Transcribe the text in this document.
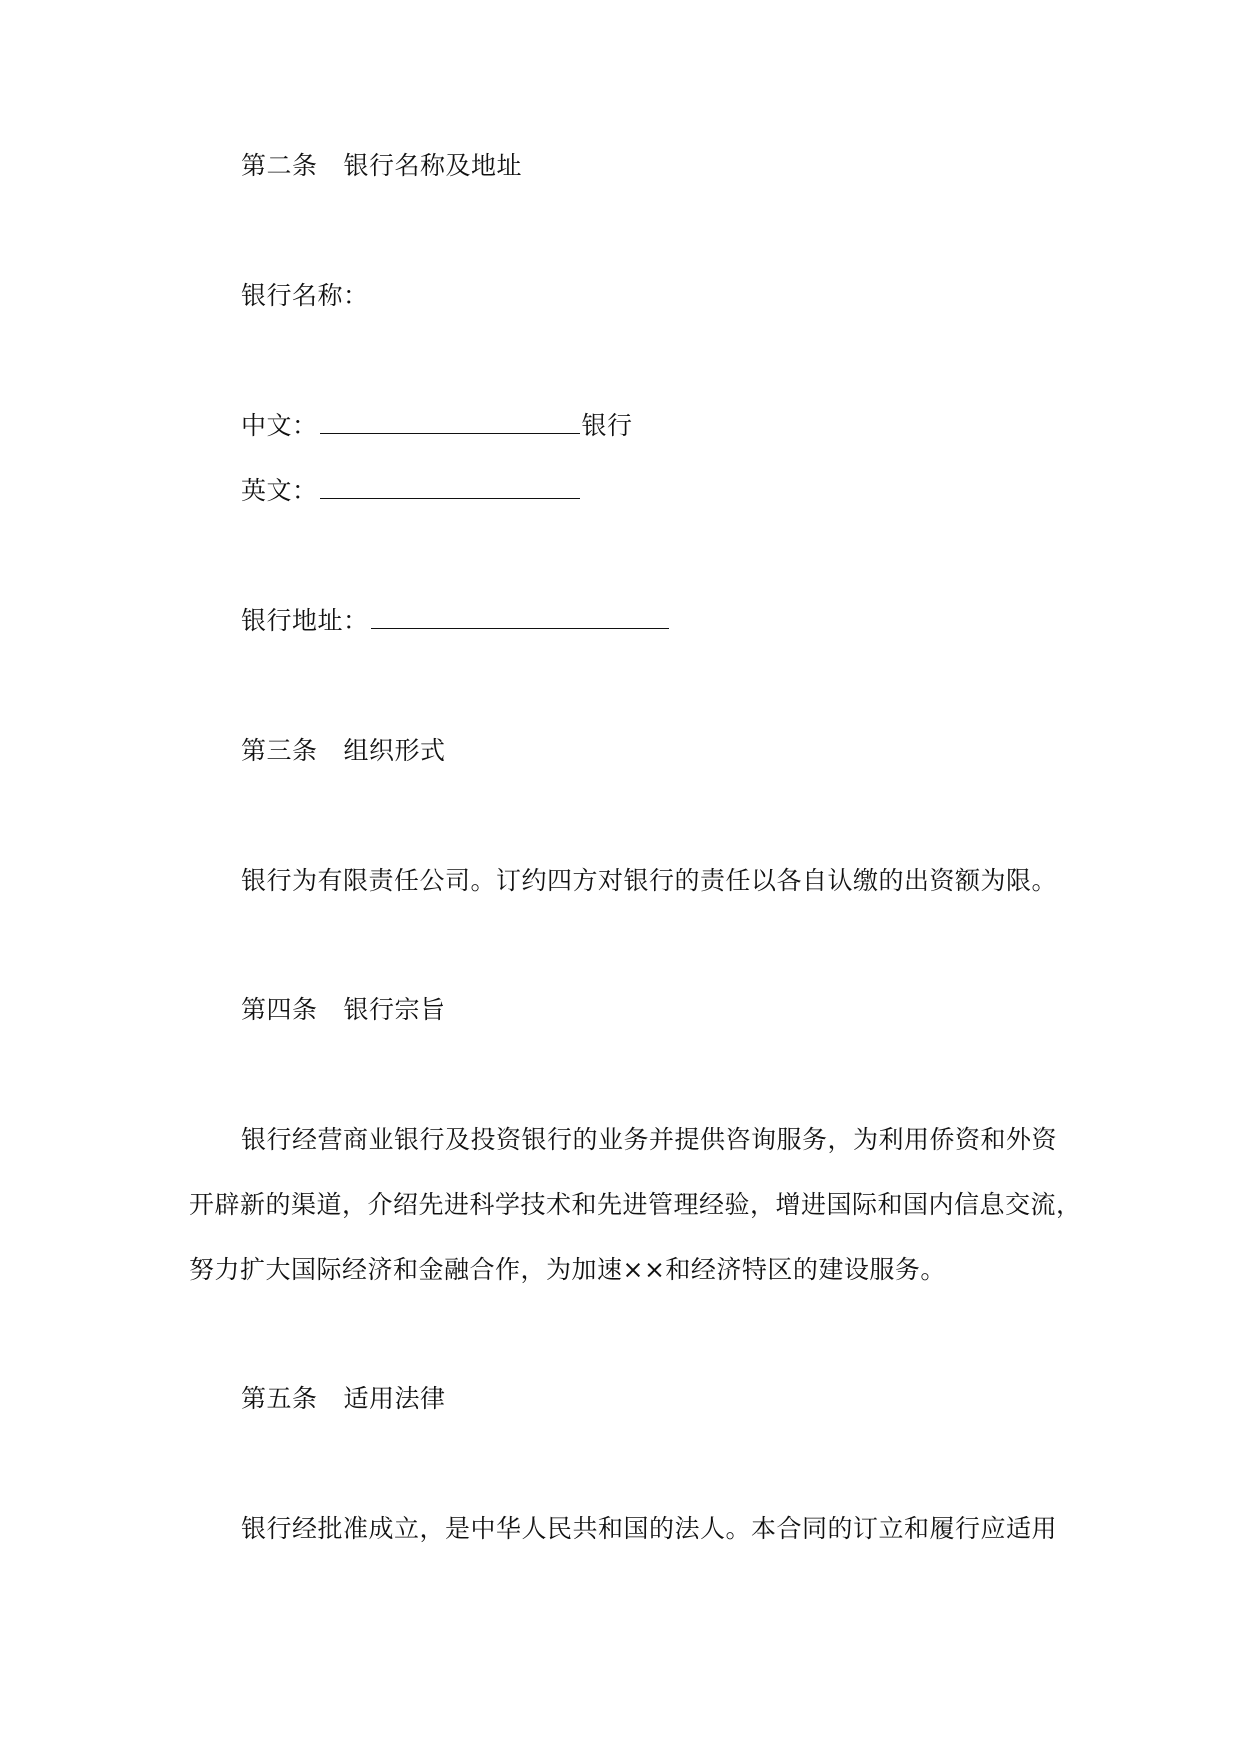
第二条 银行名称及地址
银行名称：
中文：	银行
英文：
银行地址：
第三条 组织形式
银行为有限责任公司。订约四方对银行的责任以各自认缴的出资额为限。
第四条 银行宗旨
银行经营商业银行及投资银行的业务并提供咨询服务，为利用侨资和外资
开辟新的渠道，介绍先进科学技术和先进管理经验，增进国际和国内信息交流，
努力扩大国际经济和金融合作，为加速××和经济特区的建设服务。
第五条 适用法律
银行经批准成立，是中华人民共和国的法人。本合同的订立和履行应适用
